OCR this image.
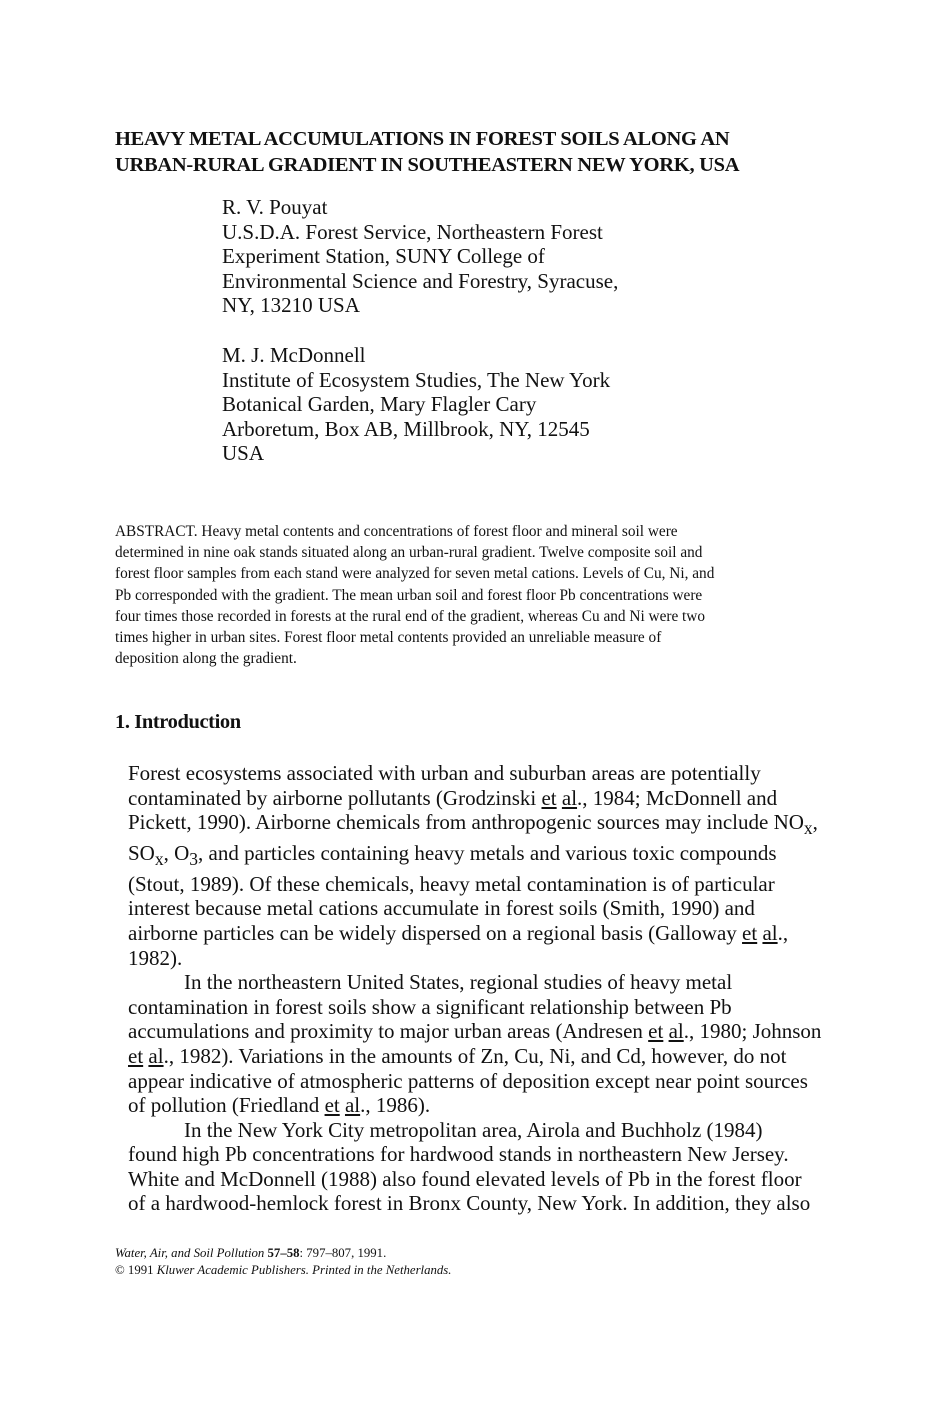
HEAVY METAL ACCUMULATIONS IN FOREST SOILS ALONG AN
URBAN-RURAL GRADIENT IN SOUTHEASTERN NEW YORK, USA
R. V. Pouyat
U.S.D.A. Forest Service, Northeastern Forest
Experiment Station, SUNY College of
Environmental Science and Forestry, Syracuse,
NY, 13210 USA
M. J. McDonnell
Institute of Ecosystem Studies, The New York
Botanical Garden, Mary Flagler Cary
Arboretum, Box AB, Millbrook, NY, 12545
USA
ABSTRACT. Heavy metal contents and concentrations of forest floor and mineral soil were
determined in nine oak stands situated along an urban-rural gradient. Twelve composite soil and
forest floor samples from each stand were analyzed for seven metal cations. Levels of Cu, Ni, and
Pb corresponded with the gradient. The mean urban soil and forest floor Pb concentrations were
four times those recorded in forests at the rural end of the gradient, whereas Cu and Ni were two
times higher in urban sites. Forest floor metal contents provided an unreliable measure of
deposition along the gradient.
1. Introduction
Forest ecosystems associated with urban and suburban areas are potentially
contaminated by airborne pollutants (Grodzinski et al., 1984; McDonnell and
Pickett, 1990). Airborne chemicals from anthropogenic sources may include $NO_x$,
$SO_x$, $O_3$, and particles containing heavy metals and various toxic compounds
(Stout, 1989). Of these chemicals, heavy metal contamination is of particular
interest because metal cations accumulate in forest soils (Smith, 1990) and
airborne particles can be widely dispersed on a regional basis (Galloway et al.,
1982).
In the northeastern United States, regional studies of heavy metal
contamination in forest soils show a significant relationship between Pb
accumulations and proximity to major urban areas (Andresen et al., 1980; Johnson
et al., 1982). Variations in the amounts of Zn, Cu, Ni, and Cd, however, do not
appear indicative of atmospheric patterns of deposition except near point sources
of pollution (Friedland et al., 1986).
In the New York City metropolitan area, Airola and Buchholz (1984)
found high Pb concentrations for hardwood stands in northeastern New Jersey.
White and McDonnell (1988) also found elevated levels of Pb in the forest floor
of a hardwood-hemlock forest in Bronx County, New York. In addition, they also
Water, Air, and Soil Pollution 57–58: 797–807, 1991.
© 1991 Kluwer Academic Publishers. Printed in the Netherlands.
